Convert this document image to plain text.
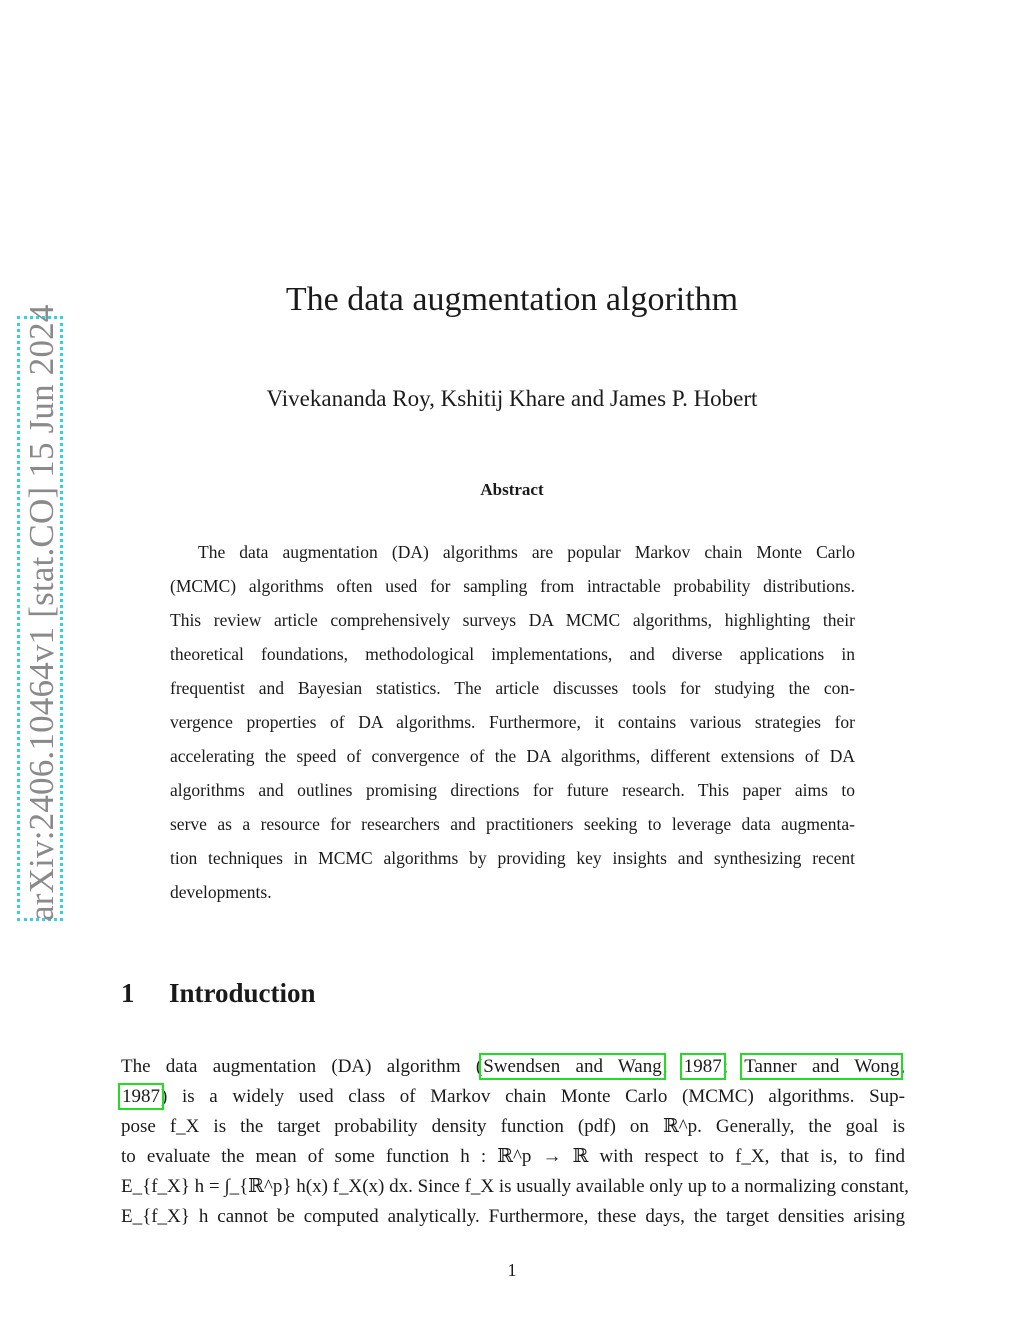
arXiv:2406.10464v1 [stat.CO] 15 Jun 2024
The data augmentation algorithm
Vivekananda Roy, Kshitij Khare and James P. Hobert
Abstract
The data augmentation (DA) algorithms are popular Markov chain Monte Carlo
(MCMC) algorithms often used for sampling from intractable probability distributions.
This review article comprehensively surveys DA MCMC algorithms, highlighting their
theoretical foundations, methodological implementations, and diverse applications in
frequentist and Bayesian statistics. The article discusses tools for studying the con-
vergence properties of DA algorithms. Furthermore, it contains various strategies for
accelerating the speed of convergence of the DA algorithms, different extensions of DA
algorithms and outlines promising directions for future research. This paper aims to
serve as a resource for researchers and practitioners seeking to leverage data augmenta-
tion techniques in MCMC algorithms by providing key insights and synthesizing recent
developments.
1	Introduction
The data augmentation (DA) algorithm (Swendsen and Wang, 1987; Tanner and Wong,
1987) is a widely used class of Markov chain Monte Carlo (MCMC) algorithms. Sup-
pose f_X is the target probability density function (pdf) on ℝ^p. Generally, the goal is
to evaluate the mean of some function h : ℝ^p → ℝ with respect to f_X, that is, to find
E_{f_X} h = ∫_{ℝ^p} h(x) f_X(x) dx. Since f_X is usually available only up to a normalizing constant,
E_{f_X} h cannot be computed analytically. Furthermore, these days, the target densities arising
1
